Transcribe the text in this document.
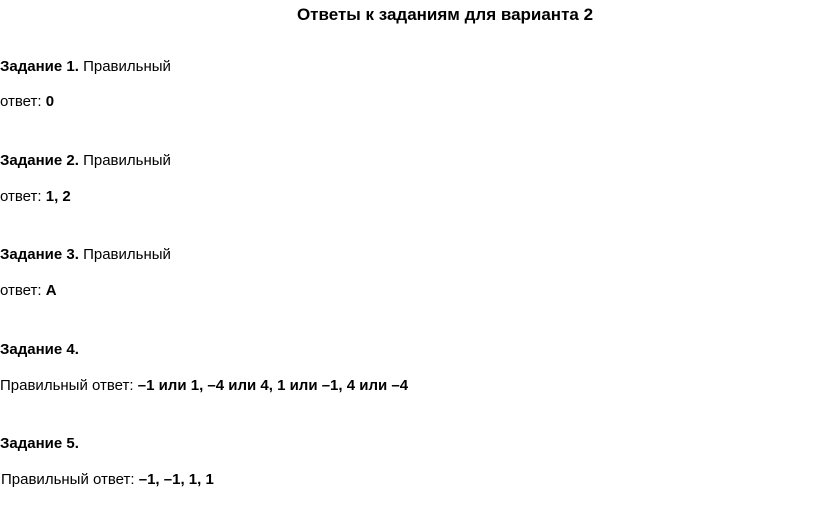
Ответы к заданиям для варианта 2
Задание 1. Правильный
ответ: 0
Задание 2. Правильный
ответ: 1, 2
Задание 3. Правильный
ответ: А
Задание 4.
Правильный ответ: –1 или 1, –4 или 4, 1 или –1, 4 или –4
Задание 5.
Правильный ответ: –1, –1, 1, 1
